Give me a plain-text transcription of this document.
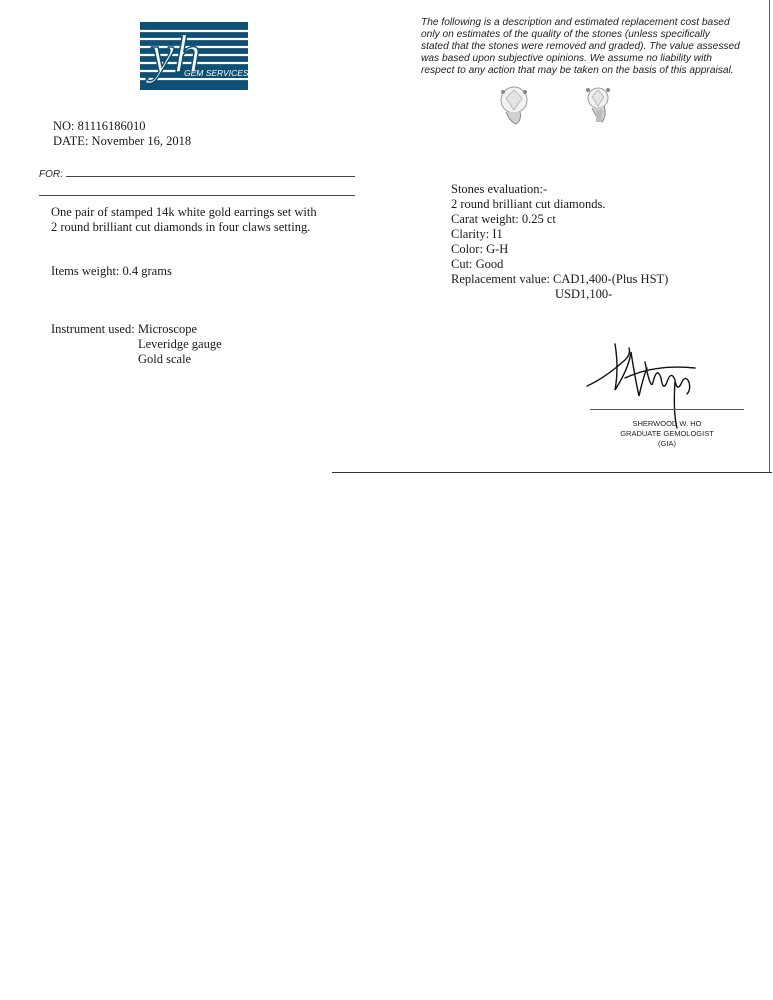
yh
GEM SERVICES
The following is a description and estimated replacement cost based
only on estimates of the quality of the stones (unless specifically
stated that the stones were removed and graded). The value assessed
was based upon subjective opinions. We assume no liability with
respect to any action that may be taken on the basis of this appraisal.
NO: 81116186010
DATE: November 16, 2018
FOR:
One pair of stamped 14k white gold earrings set with
2 round brilliant cut diamonds in four claws setting.
Items weight: 0.4 grams
Instrument used: Microscope
Leveridge gauge
Gold scale
Stones evaluation:-
2 round brilliant cut diamonds.
Carat weight: 0.25 ct
Clarity: I1
Color: G-H
Cut: Good
Replacement value: CAD1,400-(Plus HST)
USD1,100-
SHERWOOD W. HO
GRADUATE GEMOLOGIST
(GIA)
